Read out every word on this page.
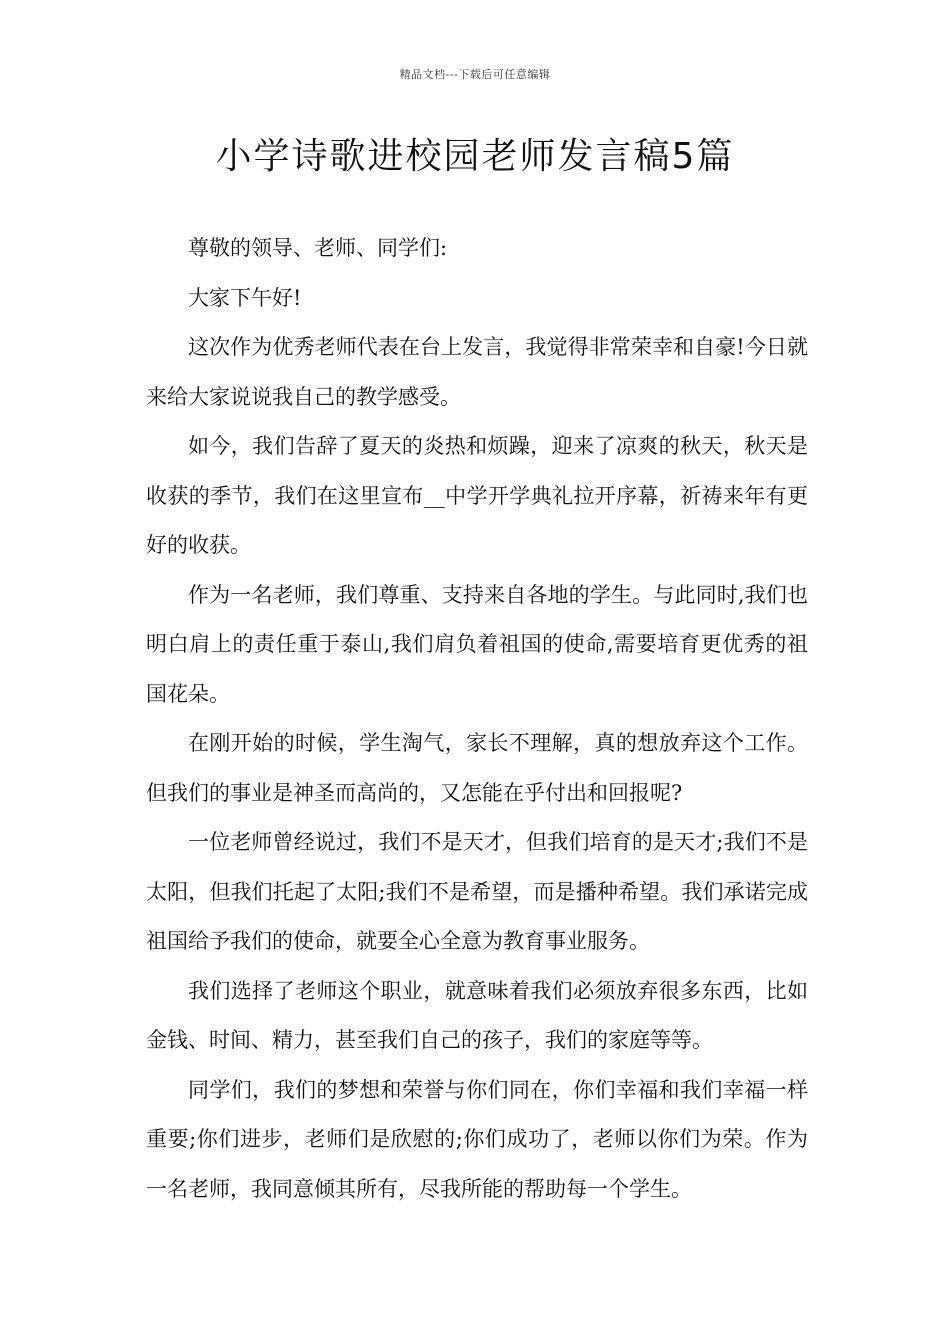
精品文档---下载后可任意编辑
小学诗歌进校园老师发言稿5篇

尊敬的领导、老师、同学们:

大家下午好!

这次作为优秀老师代表在台上发言，我觉得非常荣幸和自豪!今日就来给大家说说我自己的教学感受。

如今，我们告辞了夏天的炎热和烦躁，迎来了凉爽的秋天，秋天是收获的季节，我们在这里宣布__中学开学典礼拉开序幕，祈祷来年有更好的收获。

作为一名老师，我们尊重、支持来自各地的学生。与此同时,我们也明白肩上的责任重于泰山,我们肩负着祖国的使命,需要培育更优秀的祖国花朵。

在刚开始的时候，学生淘气，家长不理解，真的想放弃这个工作。但我们的事业是神圣而高尚的，又怎能在乎付出和回报呢?

一位老师曾经说过，我们不是天才，但我们培育的是天才;我们不是太阳，但我们托起了太阳;我们不是希望，而是播种希望。我们承诺完成祖国给予我们的使命，就要全心全意为教育事业服务。

我们选择了老师这个职业，就意味着我们必须放弃很多东西，比如金钱、时间、精力，甚至我们自己的孩子，我们的家庭等等。

同学们，我们的梦想和荣誉与你们同在，你们幸福和我们幸福一样重要;你们进步，老师们是欣慰的;你们成功了，老师以你们为荣。作为一名老师，我同意倾其所有，尽我所能的帮助每一个学生。
